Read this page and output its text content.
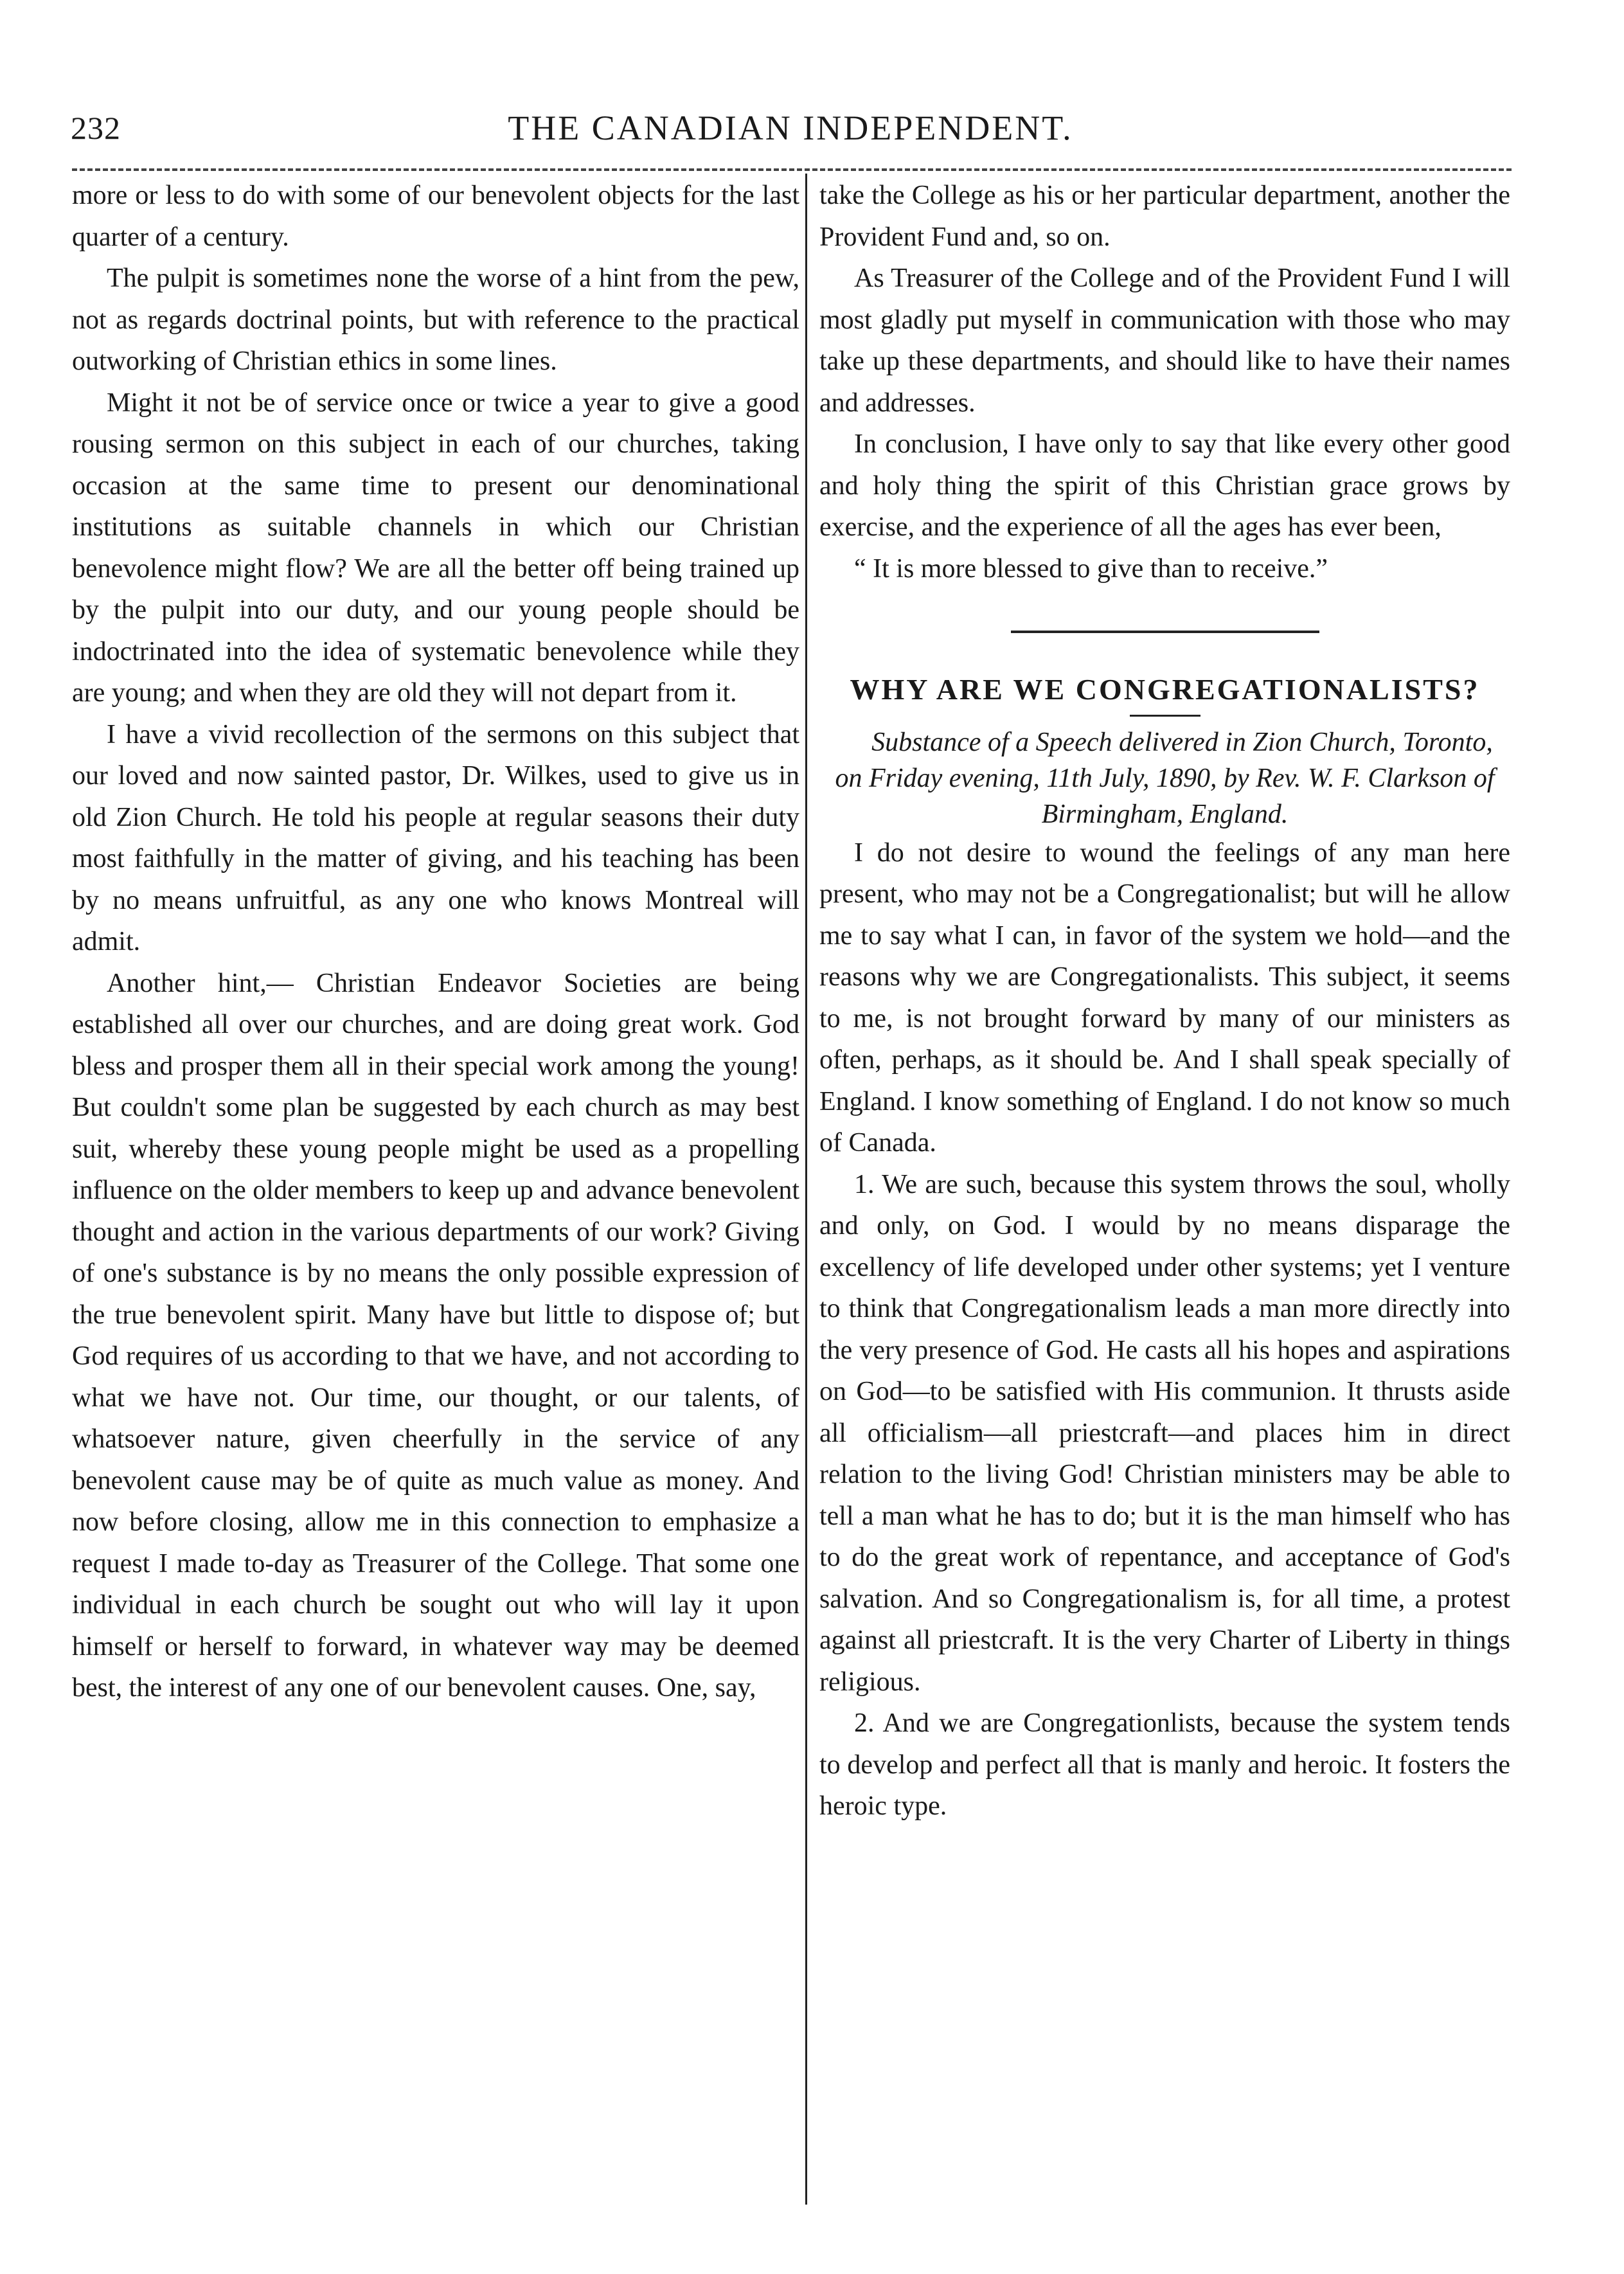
232	THE CANADIAN INDEPENDENT.

more or less to do with some of our benevolent objects for the last quarter of a century.

The pulpit is sometimes none the worse of a hint from the pew, not as regards doctrinal points, but with reference to the practical outworking of Christian ethics in some lines.

Might it not be of service once or twice a year to give a good rousing sermon on this subject in each of our churches, taking occasion at the same time to present our denominational institutions as suitable channels in which our Christian benevolence might flow? We are all the better off being trained up by the pulpit into our duty, and our young people should be indoctrinated into the idea of systematic benevolence while they are young; and when they are old they will not depart from it.

I have a vivid recollection of the sermons on this subject that our loved and now sainted pastor, Dr. Wilkes, used to give us in old Zion Church. He told his people at regular seasons their duty most faithfully in the matter of giving, and his teaching has been by no means unfruitful, as any one who knows Montreal will admit.

Another hint,— Christian Endeavor Societies are being established all over our churches, and are doing great work. God bless and prosper them all in their special work among the young! But couldn't some plan be suggested by each church as may best suit, whereby these young people might be used as a propelling influence on the older members to keep up and advance benevolent thought and action in the various departments of our work? Giving of one's substance is by no means the only possible expression of the true benevolent spirit. Many have but little to dispose of; but God requires of us according to that we have, and not according to what we have not. Our time, our thought, or our talents, of whatsoever nature, given cheerfully in the service of any benevolent cause may be of quite as much value as money. And now before closing, allow me in this connection to emphasize a request I made to-day as Treasurer of the College. That some one individual in each church be sought out who will lay it upon himself or herself to forward, in whatever way may be deemed best, the interest of any one of our benevolent causes. One, say,

take the College as his or her particular department, another the Provident Fund and, so on.

As Treasurer of the College and of the Provident Fund I will most gladly put myself in communication with those who may take up these departments, and should like to have their names and addresses.

In conclusion, I have only to say that like every other good and holy thing the spirit of this Christian grace grows by exercise, and the experience of all the ages has ever been,

“ It is more blessed to give than to receive.”

WHY ARE WE CONGREGATIONALISTS?

Substance of a Speech delivered in Zion Church, Toronto, on Friday evening, 11th July, 1890, by Rev. W. F. Clarkson of Birmingham, England.

I do not desire to wound the feelings of any man here present, who may not be a Congregationalist; but will he allow me to say what I can, in favor of the system we hold—and the reasons why we are Congregationalists. This subject, it seems to me, is not brought forward by many of our ministers as often, perhaps, as it should be. And I shall speak specially of England. I know something of England. I do not know so much of Canada.

1. We are such, because this system throws the soul, wholly and only, on God. I would by no means disparage the excellency of life developed under other systems; yet I venture to think that Congregationalism leads a man more directly into the very presence of God. He casts all his hopes and aspirations on God—to be satisfied with His communion. It thrusts aside all officialism—all priestcraft—and places him in direct relation to the living God! Christian ministers may be able to tell a man what he has to do; but it is the man himself who has to do the great work of repentance, and acceptance of God's salvation. And so Congregationalism is, for all time, a protest against all priestcraft. It is the very Charter of Liberty in things religious.

2. And we are Congregationlists, because the system tends to develop and perfect all that is manly and heroic. It fosters the heroic type.
